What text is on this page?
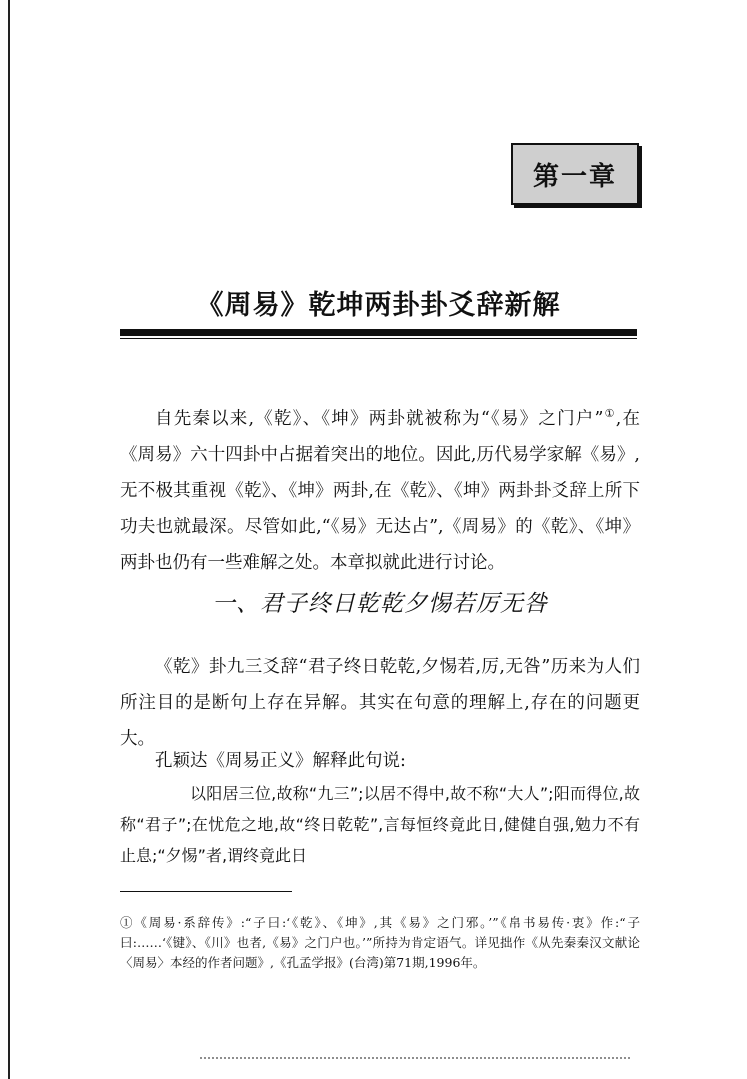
第一章
《周易》乾坤两卦卦爻辞新解
自先秦以来,《乾》、《坤》两卦就被称为“《易》之门户”①,在《周易》六十四卦中占据着突出的地位。因此,历代易学家解《易》,无不极其重视《乾》、《坤》两卦,在《乾》、《坤》两卦卦爻辞上所下功夫也就最深。尽管如此,“《易》无达占”,《周易》的《乾》、《坤》两卦也仍有一些难解之处。本章拟就此进行讨论。
一、君子终日乾乾夕惕若厉无咎
《乾》卦九三爻辞“君子终日乾乾,夕惕若,厉,无咎”历来为人们所注目的是断句上存在异解。其实在句意的理解上,存在的问题更大。
孔颖达《周易正义》解释此句说:
以阳居三位,故称“九三”;以居不得中,故不称“大人”;阳而得位,故称“君子”;在忧危之地,故“终日乾乾”,言每恒终竟此日,健健自强,勉力不有止息;“夕惕”者,谓终竟此日
①《周易·系辞传》:“子曰:‘《乾》、《坤》,其《易》之门邪。’”《帛书易传·衷》作:“子曰:……‘《键》、《川》也者,《易》之门户也。’”所持为肯定语气。详见拙作《从先秦秦汉文献论〈周易〉本经的作者问题》,《孔孟学报》(台湾)第71期,1996年。
